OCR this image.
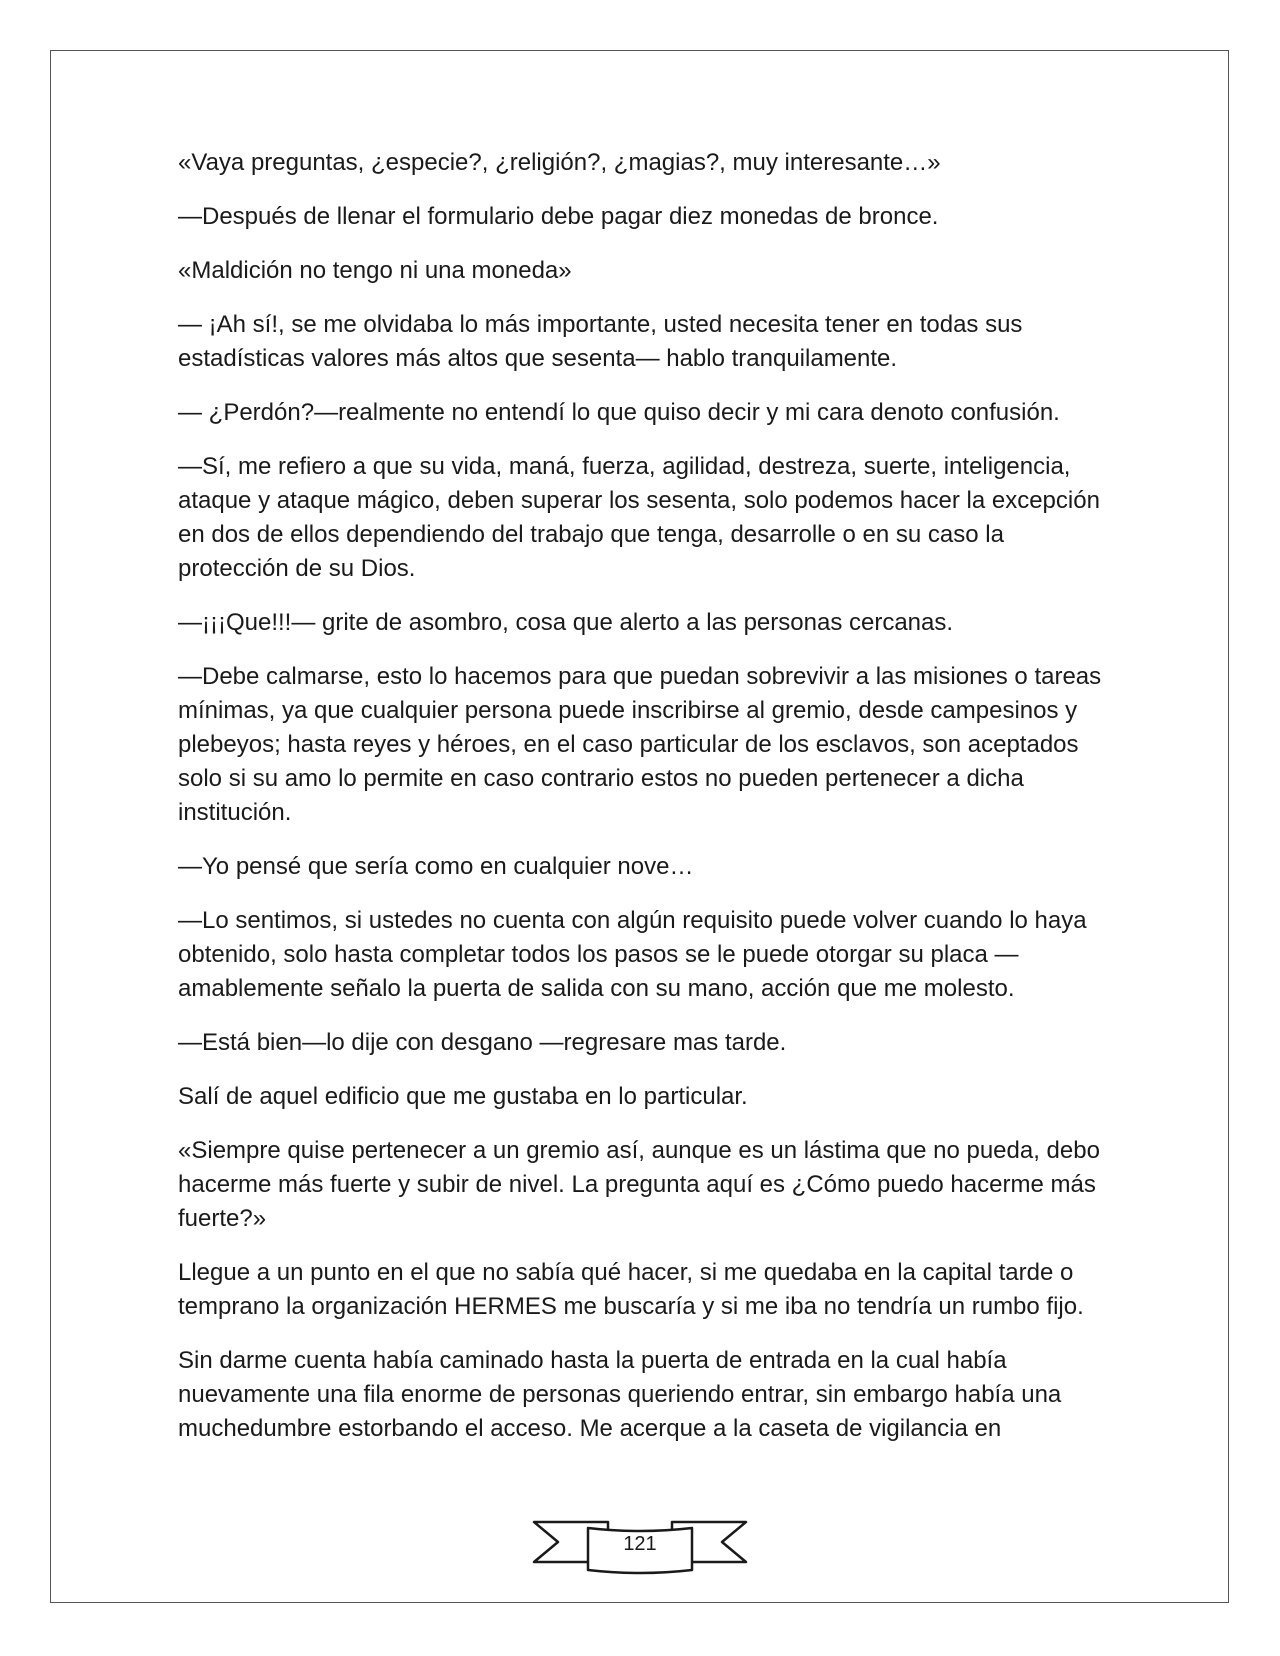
«Vaya preguntas, ¿especie?, ¿religión?, ¿magias?, muy interesante…»

—Después de llenar el formulario debe pagar diez monedas de bronce.

«Maldición no tengo ni una moneda»

— ¡Ah sí!, se me olvidaba lo más importante, usted necesita tener en todas sus estadísticas valores más altos que sesenta— hablo tranquilamente.

— ¿Perdón?—realmente no entendí lo que quiso decir y mi cara denoto confusión.

—Sí, me refiero a que su vida, maná, fuerza, agilidad, destreza, suerte, inteligencia, ataque y ataque mágico, deben superar los sesenta, solo podemos hacer la excepción en dos de ellos dependiendo del trabajo que tenga, desarrolle o en su caso la protección de su Dios.

—¡¡¡Que!!!— grite de asombro, cosa que alerto a las personas cercanas.

—Debe calmarse, esto lo hacemos para que puedan sobrevivir a las misiones o tareas mínimas, ya que cualquier persona puede inscribirse al gremio, desde campesinos y plebeyos; hasta reyes y héroes, en el caso particular de los esclavos, son aceptados solo si su amo lo permite en caso contrario estos no pueden pertenecer a dicha institución.

—Yo pensé que sería como en cualquier nove…

—Lo sentimos, si ustedes no cuenta con algún requisito puede volver cuando lo haya obtenido, solo hasta completar todos los pasos se le puede otorgar su placa —amablemente señalo la puerta de salida con su mano, acción que me molesto.

—Está bien—lo dije con desgano —regresare mas tarde.

Salí de aquel edificio que me gustaba en lo particular.

«Siempre quise pertenecer a un gremio así, aunque es un lástima que no pueda, debo hacerme más fuerte y subir de nivel. La pregunta aquí es ¿Cómo puedo hacerme más fuerte?»

Llegue a un punto en el que no sabía qué hacer, si me quedaba en la capital tarde o temprano la organización HERMES me buscaría y si me iba no tendría un rumbo fijo.

Sin darme cuenta había caminado hasta la puerta de entrada en la cual había nuevamente una fila enorme de personas queriendo entrar, sin embargo había una muchedumbre estorbando el acceso. Me acerque a la caseta de vigilancia en

121
